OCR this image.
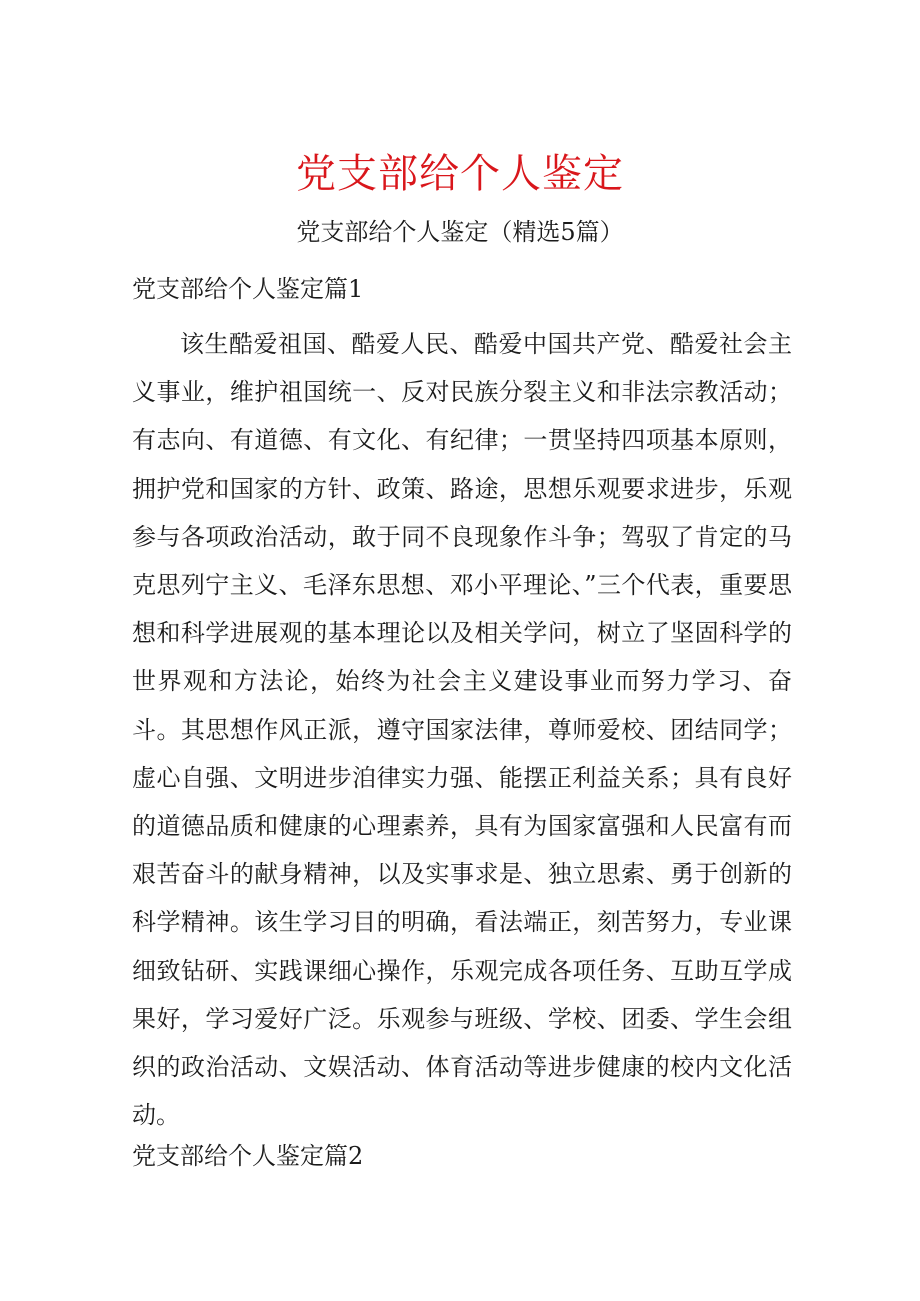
党支部给个人鉴定

党支部给个人鉴定（精选5篇）

党支部给个人鉴定篇1

该生酷爱祖国、酷爱人民、酷爱中国共产党、酷爱社会主义事业，维护祖国统一、反对民族分裂主义和非法宗教活动；有志向、有道德、有文化、有纪律；一贯坚持四项基本原则，拥护党和国家的方针、政策、路途，思想乐观要求进步，乐观参与各项政治活动，敢于同不良现象作斗争；驾驭了肯定的马克思列宁主义、毛泽东思想、邓小平理论、”三个代表，重要思想和科学进展观的基本理论以及相关学问，树立了坚固科学的世界观和方法论，始终为社会主义建设事业而努力学习、奋斗。其思想作风正派，遵守国家法律，尊师爱校、团结同学；虚心自强、文明进步洎律实力强、能摆正利益关系；具有良好的道德品质和健康的心理素养，具有为国家富强和人民富有而艰苦奋斗的献身精神，以及实事求是、独立思索、勇于创新的科学精神。该生学习目的明确，看法端正，刻苦努力，专业课细致钻研、实践课细心操作，乐观完成各项任务、互助互学成果好，学习爱好广泛。乐观参与班级、学校、团委、学生会组织的政治活动、文娱活动、体育活动等进步健康的校内文化活动。

党支部给个人鉴定篇2
